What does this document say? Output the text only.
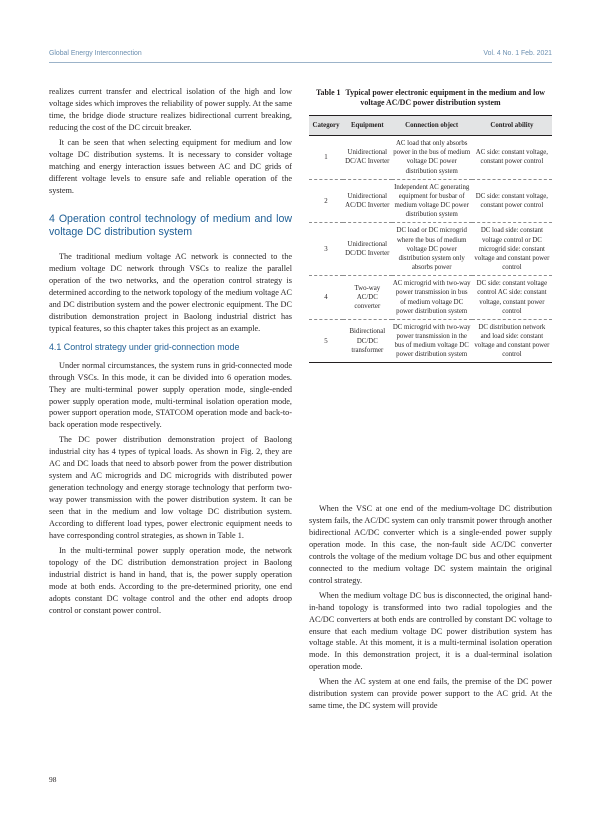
Global Energy Interconnection	Vol. 4 No. 1 Feb. 2021

realizes current transfer and electrical isolation of the high and low voltage sides which improves the reliability of power supply. At the same time, the bridge diode structure realizes bidirectional current breaking, reducing the cost of the DC circuit breaker.

It can be seen that when selecting equipment for medium and low voltage DC distribution systems. It is necessary to consider voltage matching and energy interaction issues between AC and DC grids of different voltage levels to ensure safe and reliable operation of the system.

4 Operation control technology of medium and low voltage DC distribution system

The traditional medium voltage AC network is connected to the medium voltage DC network through VSCs to realize the parallel operation of the two networks, and the operation control strategy is determined according to the network topology of the medium voltage AC and DC distribution system and the power electronic equipment. The DC distribution demonstration project in Baolong industrial district has typical features, so this chapter takes this project as an example.

4.1 Control strategy under grid-connection mode

Under normal circumstances, the system runs in grid-connected mode through VSCs. In this mode, it can be divided into 6 operation modes. They are multi-terminal power supply operation mode, single-ended power supply operation mode, multi-terminal isolation operation mode, power support operation mode, STATCOM operation mode and back-to-back operation mode respectively.

The DC power distribution demonstration project of Baolong industrial city has 4 types of typical loads. As shown in Fig. 2, they are AC and DC loads that need to absorb power from the power distribution system and AC microgrids and DC microgrids with distributed power generation technology and energy storage technology that perform two-way power transmission with the power distribution system. It can be seen that in the medium and low voltage DC distribution system. According to different load types, power electronic equipment needs to have corresponding control strategies, as shown in Table 1.

In the multi-terminal power supply operation mode, the network topology of the DC distribution demonstration project in Baolong industrial district is hand in hand, that is, the power supply operation mode at both ends. According to the pre-determined priority, one end adopts constant DC voltage control and the other end adopts droop control or constant power control.

Table 1 Typical power electronic equipment in the medium and low voltage AC/DC power distribution system
Category	Equipment	Connection object	Control ability
1	Unidirectional DC/AC Inverter	AC load that only absorbs power in the bus of medium voltage DC power distribution system	AC side: constant voltage, constant power control
2	Unidirectional AC/DC Inverter	Independent AC generating equipment for busbar of medium voltage DC power distribution system	DC side: constant voltage, constant power control
3	Unidirectional DC/DC Inverter	DC load or DC microgrid where the bus of medium voltage DC power distribution system only absorbs power	DC load side: constant voltage control or DC microgrid side: constant voltage and constant power control
4	Two-way AC/DC converter	AC microgrid with two-way power transmission in bus of medium voltage DC power distribution system	DC side: constant voltage control AC side: constant voltage, constant power control
5	Bidirectional DC/DC transformer	DC microgrid with two-way power transmission in the bus of medium voltage DC power distribution system	DC distribution network and load side: constant voltage and constant power control

When the VSC at one end of the medium-voltage DC distribution system fails, the AC/DC system can only transmit power through another bidirectional AC/DC converter which is a single-ended power supply operation mode. In this case, the non-fault side AC/DC converter controls the voltage of the medium voltage DC bus and other equipment connected to the medium voltage DC system maintain the original control strategy.

When the medium voltage DC bus is disconnected, the original hand-in-hand topology is transformed into two radial topologies and the AC/DC converters at both ends are controlled by constant DC voltage to ensure that each medium voltage DC power distribution system has voltage stable. At this moment, it is a multi-terminal isolation operation mode. In this demonstration project, it is a dual-terminal isolation operation mode.

When the AC system at one end fails, the premise of the DC power distribution system can provide power support to the AC grid. At the same time, the DC system will provide

98
